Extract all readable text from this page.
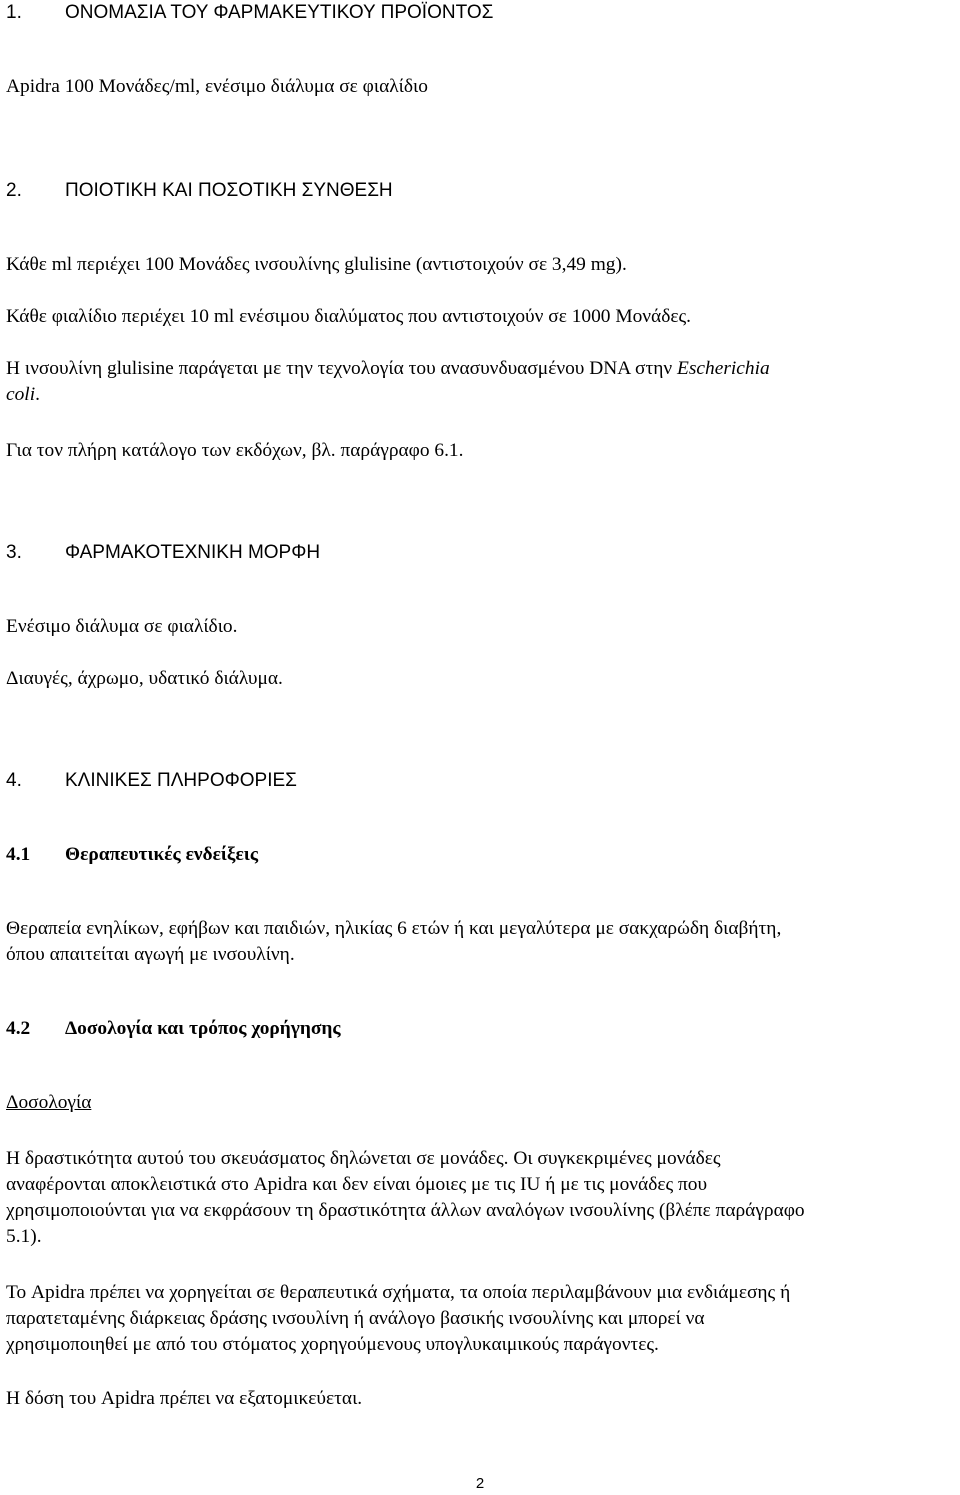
1. ΟΝΟΜΑΣΙΑ ΤΟΥ ΦΑΡΜΑΚΕΥΤΙΚΟΥ ΠΡΟΪΟΝΤΟΣ
Apidra 100 Μονάδες/ml, ενέσιμο διάλυμα σε φιαλίδιο
2. ΠΟΙΟΤΙΚΗ ΚΑΙ ΠΟΣΟΤΙΚΗ ΣΥΝΘΕΣΗ
Κάθε ml περιέχει 100 Μονάδες ινσουλίνης glulisine (αντιστοιχούν σε 3,49 mg).
Κάθε φιαλίδιο περιέχει 10 ml ενέσιμου διαλύματος που αντιστοιχούν σε 1000 Μονάδες.
Η ινσουλίνη glulisine παράγεται με την τεχνολογία του ανασυνδυασμένου DNA στην Escherichia
coli.
Για τον πλήρη κατάλογο των εκδόχων, βλ. παράγραφο 6.1.
3. ΦΑΡΜΑΚΟΤΕΧΝΙΚΗ ΜΟΡΦΗ
Ενέσιμο διάλυμα σε φιαλίδιο.
Διαυγές, άχρωμο, υδατικό διάλυμα.
4. ΚΛΙΝΙΚΕΣ ΠΛΗΡΟΦΟΡΙΕΣ
4.1 Θεραπευτικές ενδείξεις
Θεραπεία ενηλίκων, εφήβων και παιδιών, ηλικίας 6 ετών ή και μεγαλύτερα με σακχαρώδη διαβήτη,
όπου απαιτείται αγωγή με ινσουλίνη.
4.2 Δοσολογία και τρόπος χορήγησης
Δοσολογία
Η δραστικότητα αυτού του σκευάσματος δηλώνεται σε μονάδες. Οι συγκεκριμένες μονάδες
αναφέρονται αποκλειστικά στο Apidra και δεν είναι όμοιες με τις IU ή με τις μονάδες που
χρησιμοποιούνται για να εκφράσουν τη δραστικότητα άλλων αναλόγων ινσουλίνης (βλέπε παράγραφο
5.1).
Το Apidra πρέπει να χορηγείται σε θεραπευτικά σχήματα, τα οποία περιλαμβάνουν μια ενδιάμεσης ή
παρατεταμένης διάρκειας δράσης ινσουλίνη ή ανάλογο βασικής ινσουλίνης και μπορεί να
χρησιμοποιηθεί με από του στόματος χορηγούμενους υπογλυκαιμικούς παράγοντες.
Η δόση του Apidra πρέπει να εξατομικεύεται.
2
